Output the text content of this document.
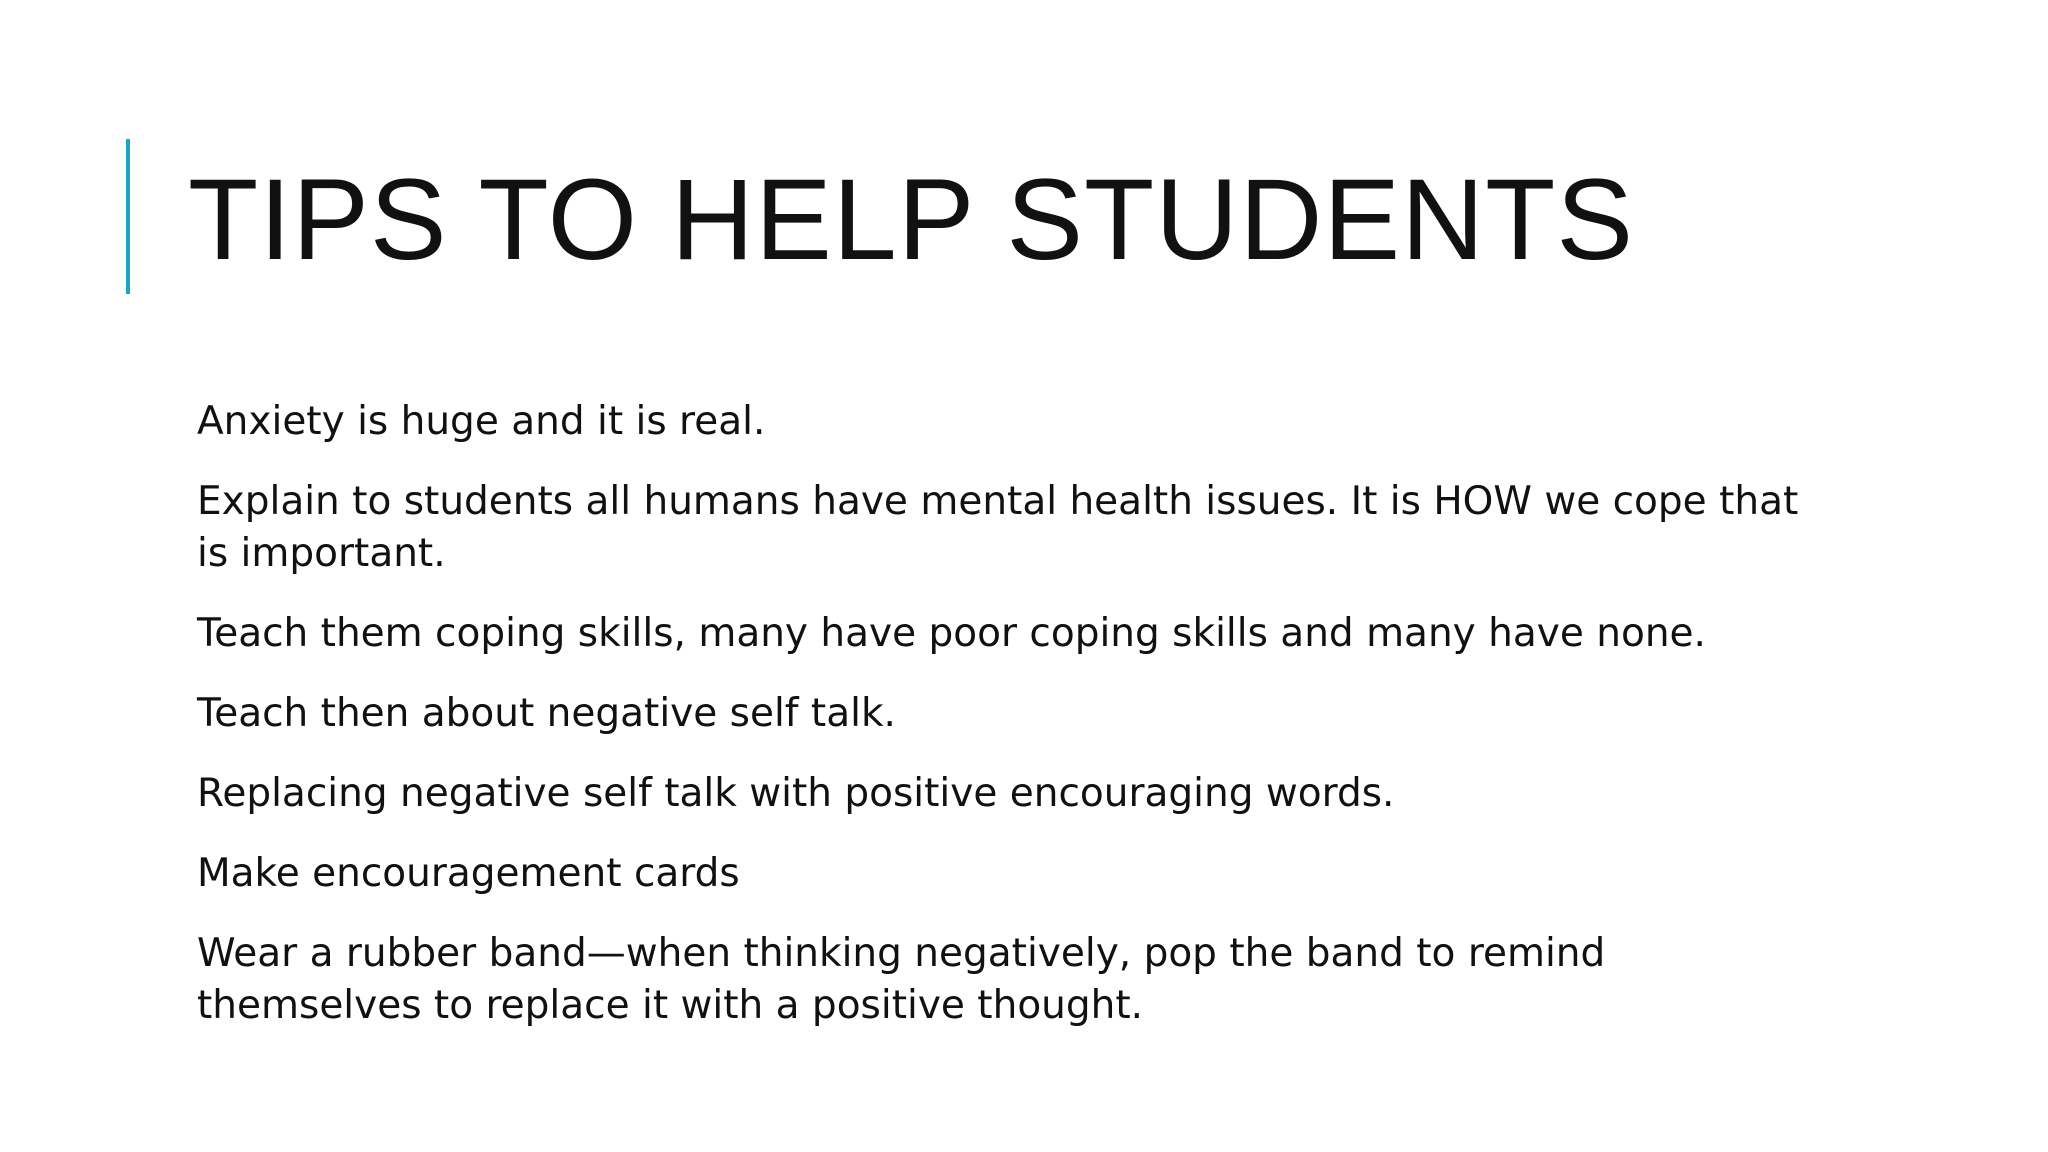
TIPS TO HELP STUDENTS
Anxiety is huge and it is real.
Explain to students all humans have mental health issues. It is HOW we cope that is important.
Teach them coping skills, many have poor coping skills and many have none.
Teach then about negative self talk.
Replacing negative self talk with positive encouraging words.
Make encouragement cards
Wear a rubber band—when thinking negatively, pop the band to remind themselves to replace it with a positive thought.
